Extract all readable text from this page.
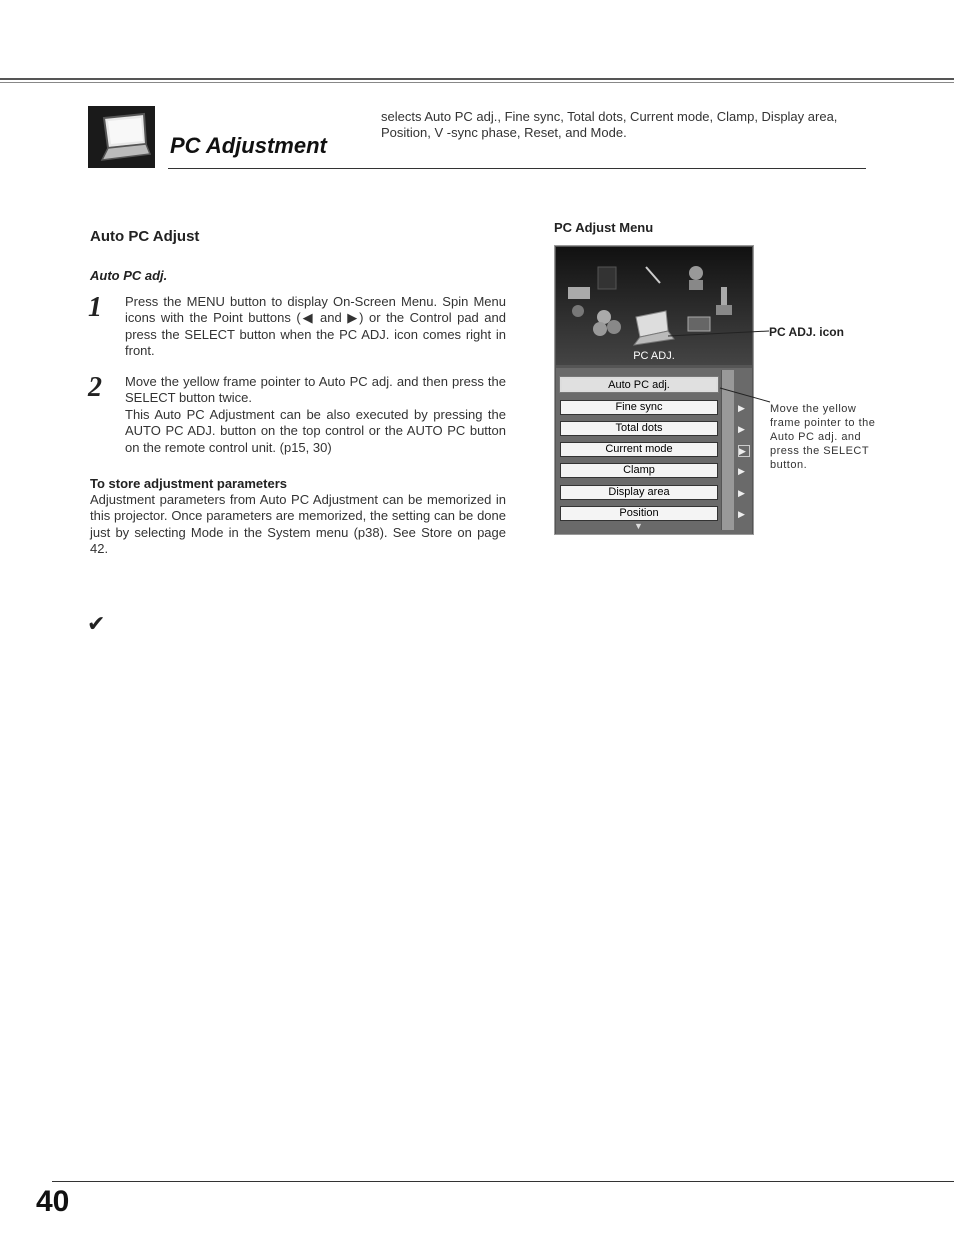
PC Adjustment
selects Auto PC adj., Fine sync, Total dots, Current mode, Clamp, Display area, Position, V -sync phase, Reset, and Mode.
Auto PC Adjust
Auto PC adj.
1 Press the MENU button to display On-Screen Menu. Spin Menu icons with the Point buttons (◀ and ▶) or the Control pad and press the SELECT button when the PC ADJ. icon comes right in front.
2 Move the yellow frame pointer to Auto PC adj. and then press the SELECT button twice.
This Auto PC Adjustment can be also executed by pressing the AUTO PC ADJ. button on the top control or the AUTO PC button on the remote control unit. (p15, 30)
To store adjustment parameters
Adjustment parameters from Auto PC Adjustment can be memorized in this projector. Once parameters are memorized, the setting can be done just by selecting Mode in the System menu (p38). See Store on page 42.
✔
PC Adjust Menu
PC ADJ.
Auto PC adj.
Fine sync
Total dots
Current mode
Clamp
Display area
Position
▶
▶
▶
▶
▶
▶
▼
PC ADJ. icon
Move the yellow frame pointer to the Auto PC adj. and press the SELECT button.
40
